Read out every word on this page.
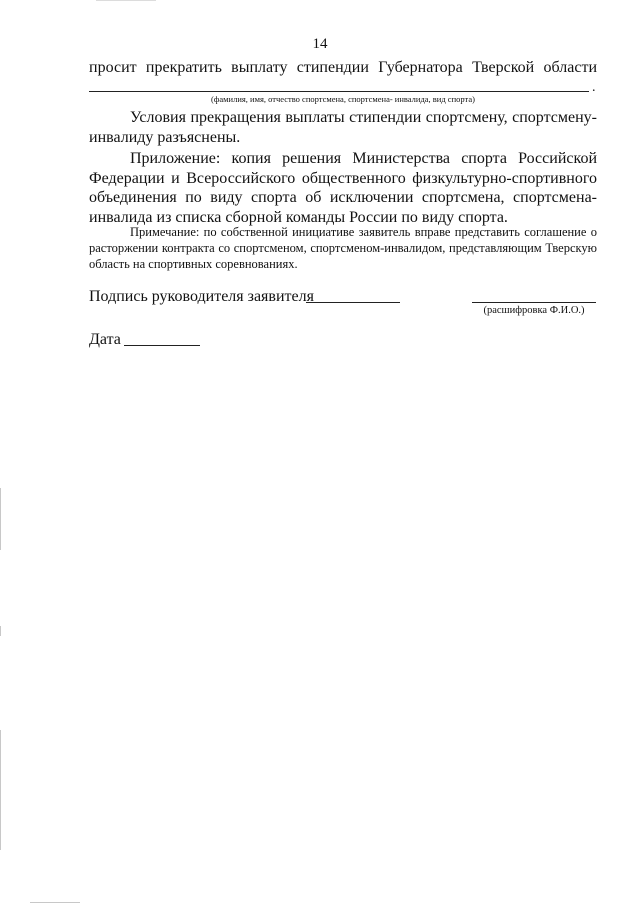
14
просит прекратить выплату стипендии Губернатора Тверской области
.
(фамилия, имя, отчество спортсмена, спортсмена- инвалида, вид спорта)
Условия прекращения выплаты стипендии спортсмену, спортсмену-инвалиду разъяснены.
Приложение: копия решения Министерства спорта Российской Федерации и Всероссийского общественного физкультурно-спортивного объединения по виду спорта об исключении спортсмена, спортсмена-инвалида из списка сборной команды России по виду спорта.
Примечание: по собственной инициативе заявитель вправе представить соглашение о расторжении контракта со спортсменом, спортсменом-инвалидом, представляющим Тверскую область на спортивных соревнованиях.
Подпись руководителя заявителя
(расшифровка Ф.И.О.)
Дата
